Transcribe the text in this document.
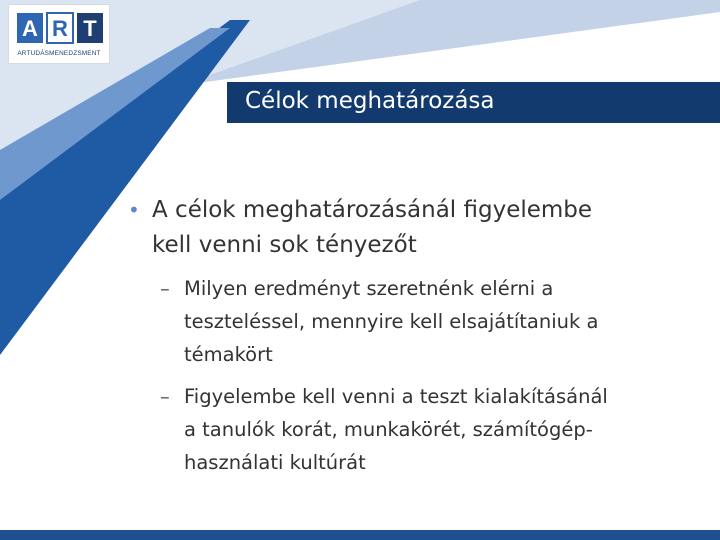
A R T
ARTUDÁSMENEDZSMENT
Célok meghatározása
• A célok meghatározásánál figyelembe
kell venni sok tényezőt
– Milyen eredményt szeretnénk elérni a
teszteléssel, mennyire kell elsajátítaniuk a
témakört
– Figyelembe kell venni a teszt kialakításánál
a tanulók korát, munkakörét, számítógép-
használati kultúrát
